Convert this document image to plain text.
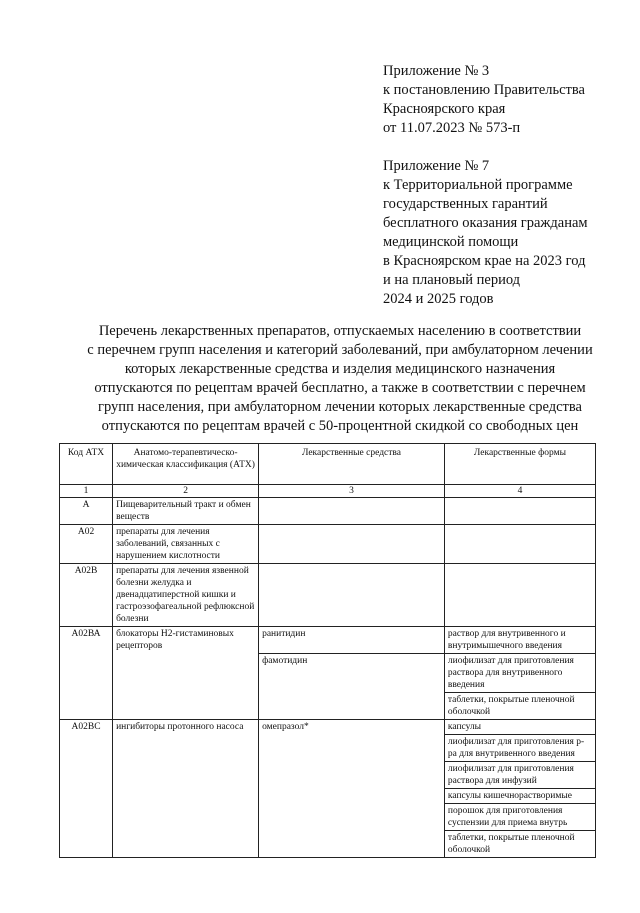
Приложение № 3

к постановлению Правительства

Красноярского края

от 11.07.2023 № 573-п

Приложение № 7

к Территориальной программе

государственных гарантий

бесплатного оказания гражданам

медицинской помощи

в Красноярском крае на 2023 год

и на плановый период

2024 и 2025 годов

Перечень лекарственных препаратов, отпускаемых населению в соответствии

с перечнем групп населения и категорий заболеваний, при амбулаторном лечении

которых лекарственные средства и изделия медицинского назначения

отпускаются по рецептам врачей бесплатно, а также в соответствии с перечнем

групп населения, при амбулаторном лечении которых лекарственные средства

отпускаются по рецептам врачей с 50-процентной скидкой со свободных цен

Код АТХ	Анатомо-терапевтическо-химическая классификация (АТХ)	Лекарственные средства	Лекарственные формы
1	2	3	4
А	Пищеварительный тракт и обмен веществ		
А02	препараты для лечения заболеваний, связанных с нарушением кислотности		
А02В	препараты для лечения язвенной болезни желудка и двенадцатиперстной кишки и гастроэзофагеальной рефлюксной болезни		
А02ВА	блокаторы Н2-гистаминовых рецепторов	ранитидин	раствор для внутривенного и внутримышечного введения
		фамотидин	лиофилизат для приготовления раствора для внутривенного введения
			таблетки, покрытые пленочной оболочкой
А02ВС	ингибиторы протонного насоса	омепразол*	капсулы
			лиофилизат для приготовления р-ра для внутривенного введения
			лиофилизат для приготовления раствора для инфузий
			капсулы кишечнорастворимые
			порошок для приготовления суспензии для приема внутрь
			таблетки, покрытые пленочной оболочкой
